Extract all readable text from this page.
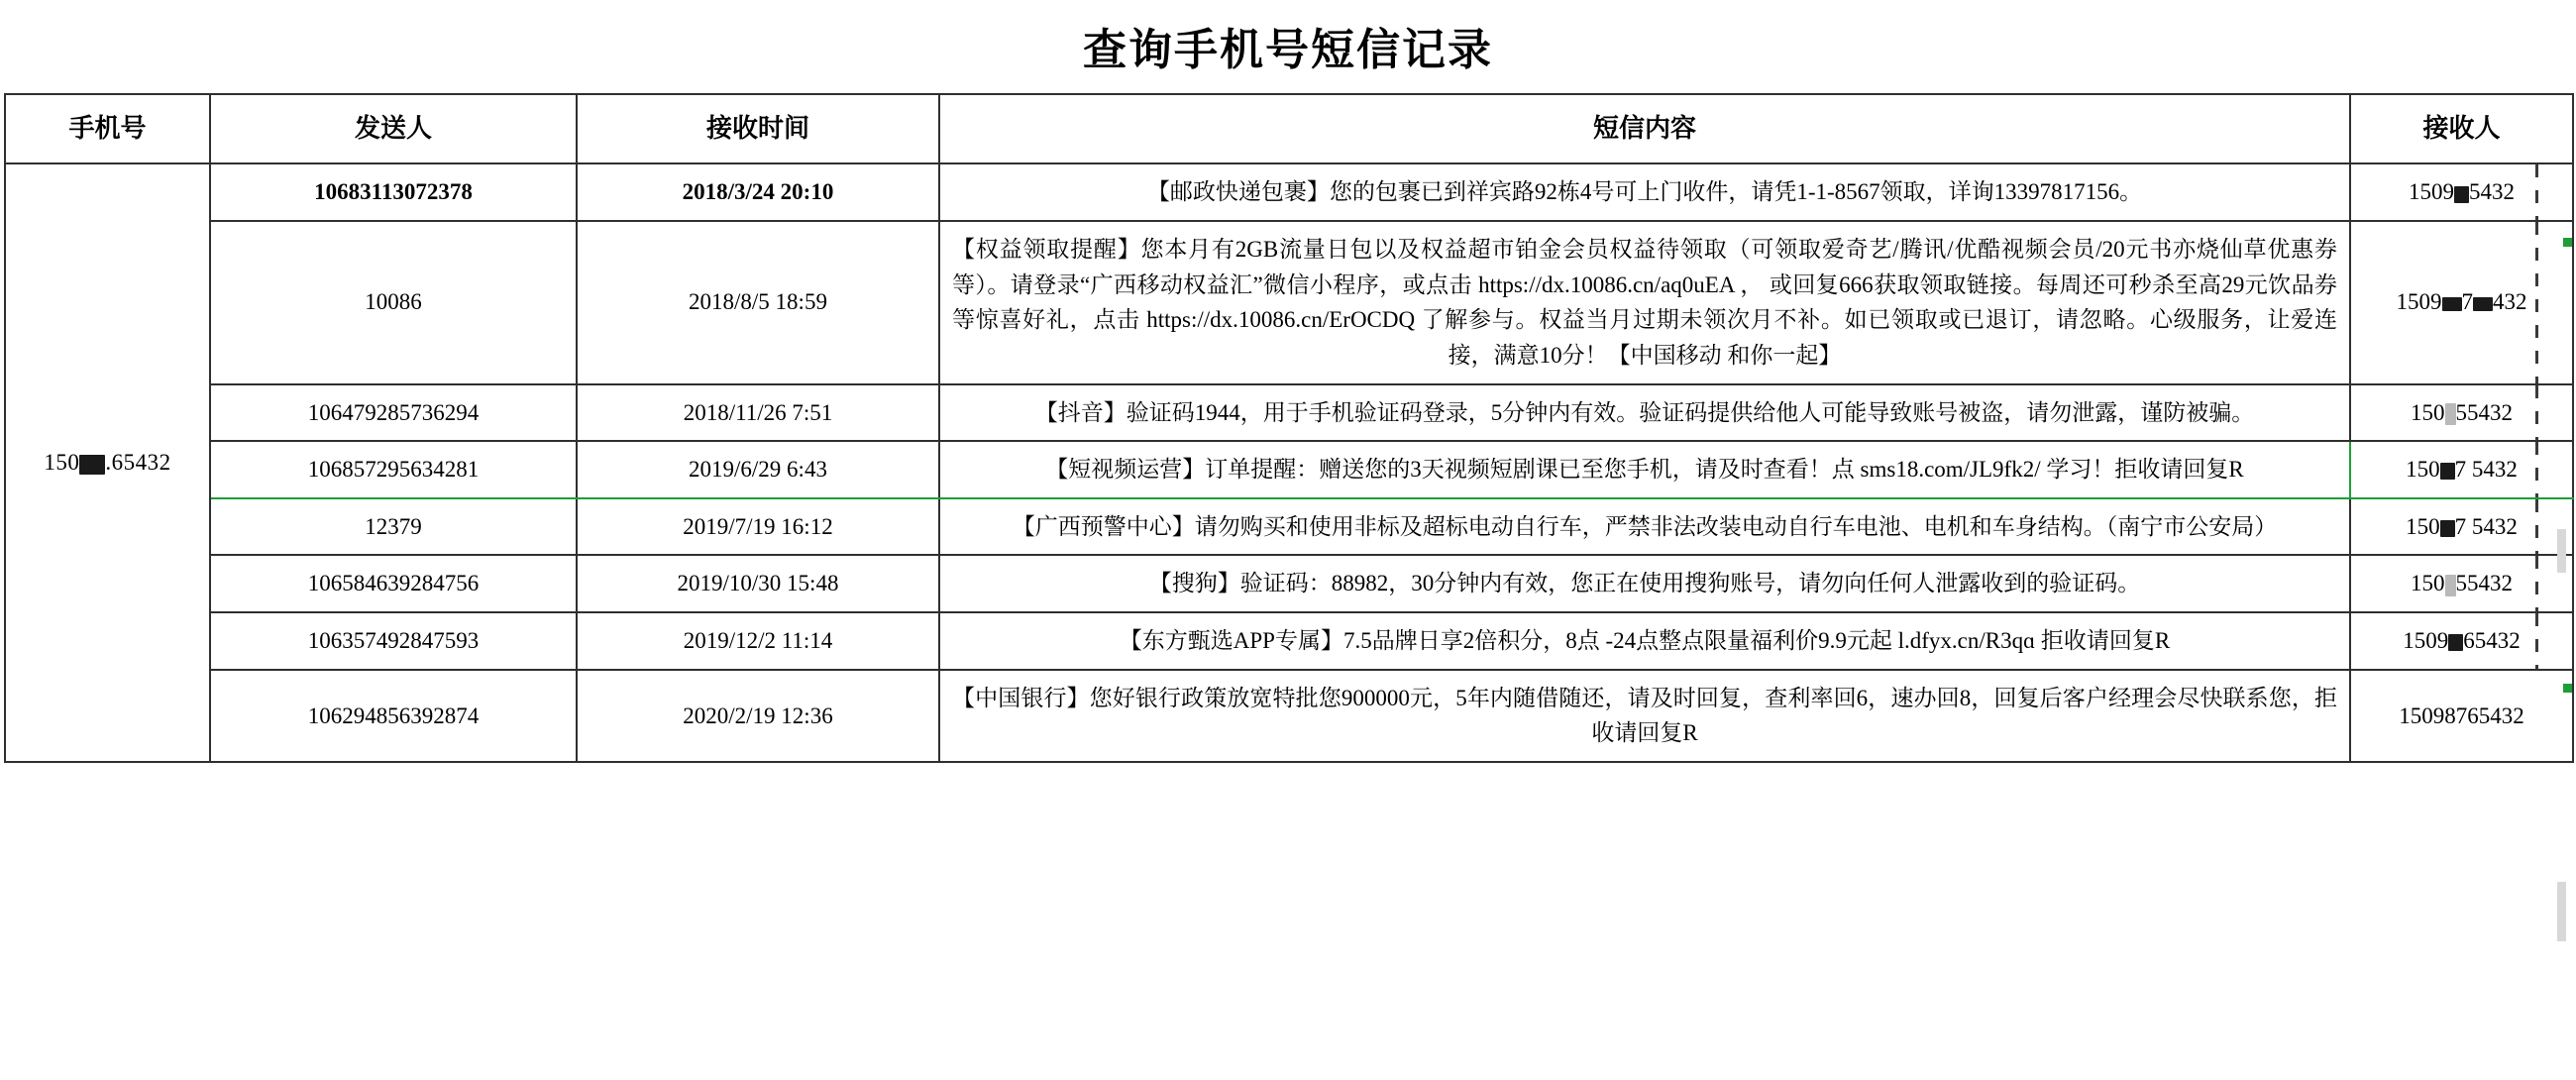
查询手机号短信记录
手机号	发送人	接收时间	短信内容	接收人
150 .65432	10683113072378	2018/3/24 20:10	【邮政快递包裹】您的包裹已到祥宾路92栋4号可上门收件，请凭1-1-8567领取，详询13397817156。	1509 5432

	10086	2018/8/5 18:59	【权益领取提醒】您本月有2GB流量日包以及权益超市铂金会员权益待领取（可领取爱奇艺/腾讯/优酷视频会员/20元书亦烧仙草优惠券等）。请登录“广西移动权益汇”微信小程序，或点击 https://dx.10086.cn/aq0uEA ， 或回复666获取领取链接。每周还可秒杀至高29元饮品券等惊喜好礼，点击 https://dx.10086.cn/ErOCDQ 了解参与。权益当月过期未领次月不补。如已领取或已退订，请忽略。心级服务，让爱连接，满意10分！【中国移动 和你一起】	1509 7 432

	106479285736294	2018/11/26 7:51	【抖音】验证码1944，用于手机验证码登录，5分钟内有效。验证码提供给他人可能导致账号被盗，请勿泄露，谨防被骗。	150 55432

	106857295634281	2019/6/29 6:43	【短视频运营】订单提醒：赠送您的3天视频短剧课已至您手机，请及时查看！点 sms18.com/JL9fk2/ 学习！拒收请回复R	150 7 5432

	12379	2019/7/19 16:12	【广西预警中心】请勿购买和使用非标及超标电动自行车，严禁非法改装电动自行车电池、电机和车身结构。（南宁市公安局）	150 7 5432

	106584639284756	2019/10/30 15:48	【搜狗】验证码：88982，30分钟内有效，您正在使用搜狗账号，请勿向任何人泄露收到的验证码。	150 55432

	106357492847593	2019/12/2 11:14	【东方甄选APP专属】7.5品牌日享2倍积分，8点 -24点整点限量福利价9.9元起 l.dfyx.cn/R3qɑ 拒收请回复R	1509 65432

	106294856392874	2020/2/19 12:36	【中国银行】您好银行政策放宽特批您900000元，5年内随借随还，请及时回复，查利率回6，速办回8，回复后客户经理会尽快联系您，拒收请回复R	15098765432
